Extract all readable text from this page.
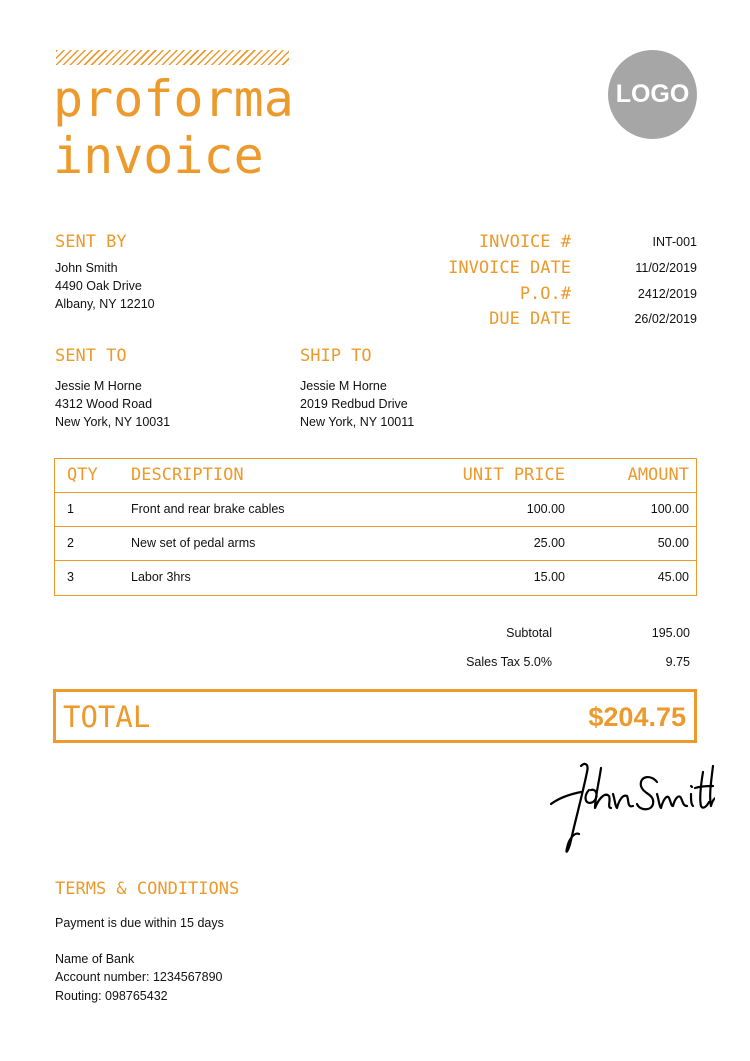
proforma
invoice
LOGO
SENT BY
John Smith
4490 Oak Drive
Albany, NY 12210
INVOICE #	INT-001
INVOICE DATE	11/02/2019
P.O.#	2412/2019
DUE DATE	26/02/2019
SENT TO
Jessie M Horne
4312 Wood Road
New York, NY 10031
SHIP TO
Jessie M Horne
2019 Redbud Drive
New York, NY 10011
QTY DESCRIPTION	UNIT PRICE	AMOUNT
1	Front and rear brake cables	100.00	100.00
2	New set of pedal arms	25.00	50.00
3	Labor 3hrs	15.00	45.00
Subtotal	195.00
Sales Tax 5.0%	9.75
TOTAL	$204.75
TERMS & CONDITIONS
Payment is due within 15 days
Name of Bank
Account number: 1234567890
Routing: 098765432
